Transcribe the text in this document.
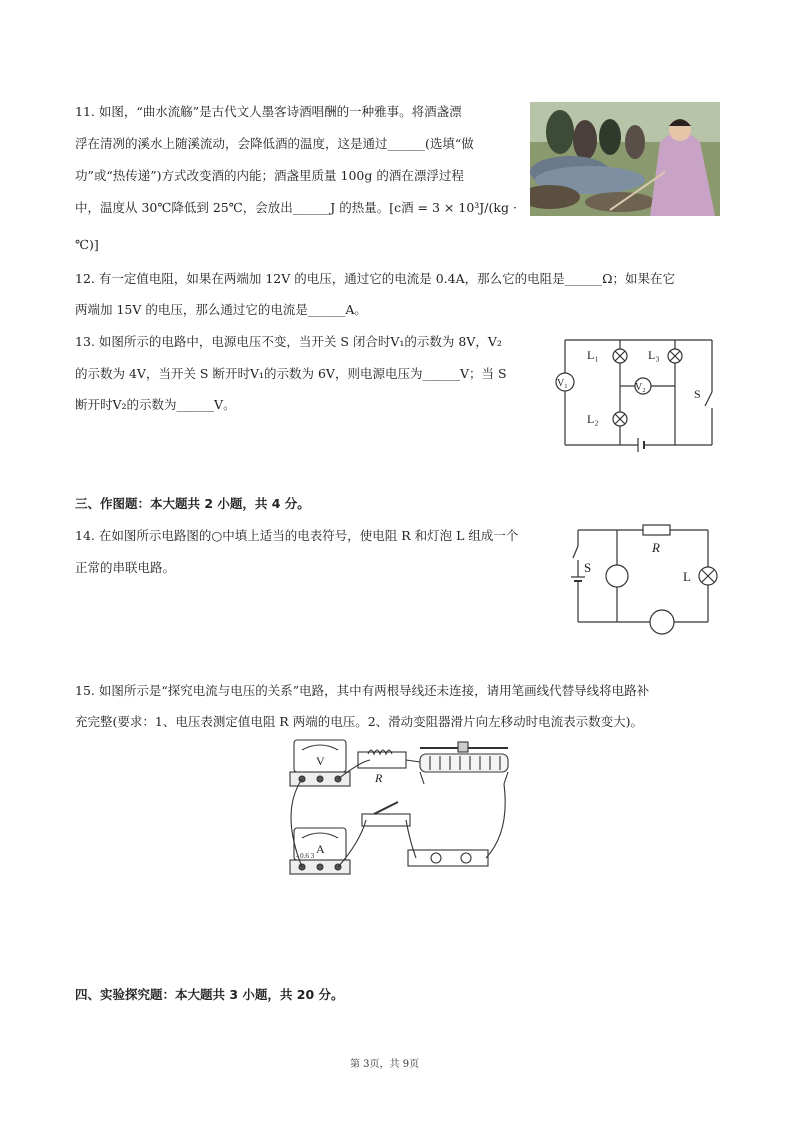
11. 如图，“曲水流觞”是古代文人墨客诗酒唱酬的一种雅事。将酒盏漂
浮在清冽的溪水上随溪流动，会降低酒的温度，这是通过______(选填“做
功”或“热传递”)方式改变酒的内能；酒盏里质量 100g 的酒在漂浮过程
中，温度从 30℃降低到 25℃，会放出______J 的热量。[c酒 = 3 × 10³J/(kg ·
℃)]
12. 有一定值电阻，如果在两端加 12V 的电压，通过它的电流是 0.4A，那么它的电阻是______Ω；如果在它
两端加 15V 的电压，那么通过它的电流是______A。
13. 如图所示的电路中，电源电压不变，当开关 S 闭合时V₁的示数为 8V，V₂
的示数为 4V，当开关 S 断开时V₁的示数为 6V，则电源电压为______V；当 S
断开时V₂的示数为______V。
L₁	L₃
L₂
V₂
V₁
S
三、作图题：本大题共 2 小题，共 4 分。
14. 在如图所示电路图的○中填上适当的电表符号，使电阻 R 和灯泡 L 组成一个
正常的串联电路。
R
L
S
15. 如图所示是“探究电流与电压的关系”电路，其中有两根导线还未连接，请用笔画线代替导线将电路补
充完整(要求：1、电压表测定值电阻 R 两端的电压。2、滑动变阻器滑片向左移动时电流表示数变大)。
V
R
A
- 0.6 3
四、实验探究题：本大题共 3 小题，共 20 分。
第 3页，共 9页
